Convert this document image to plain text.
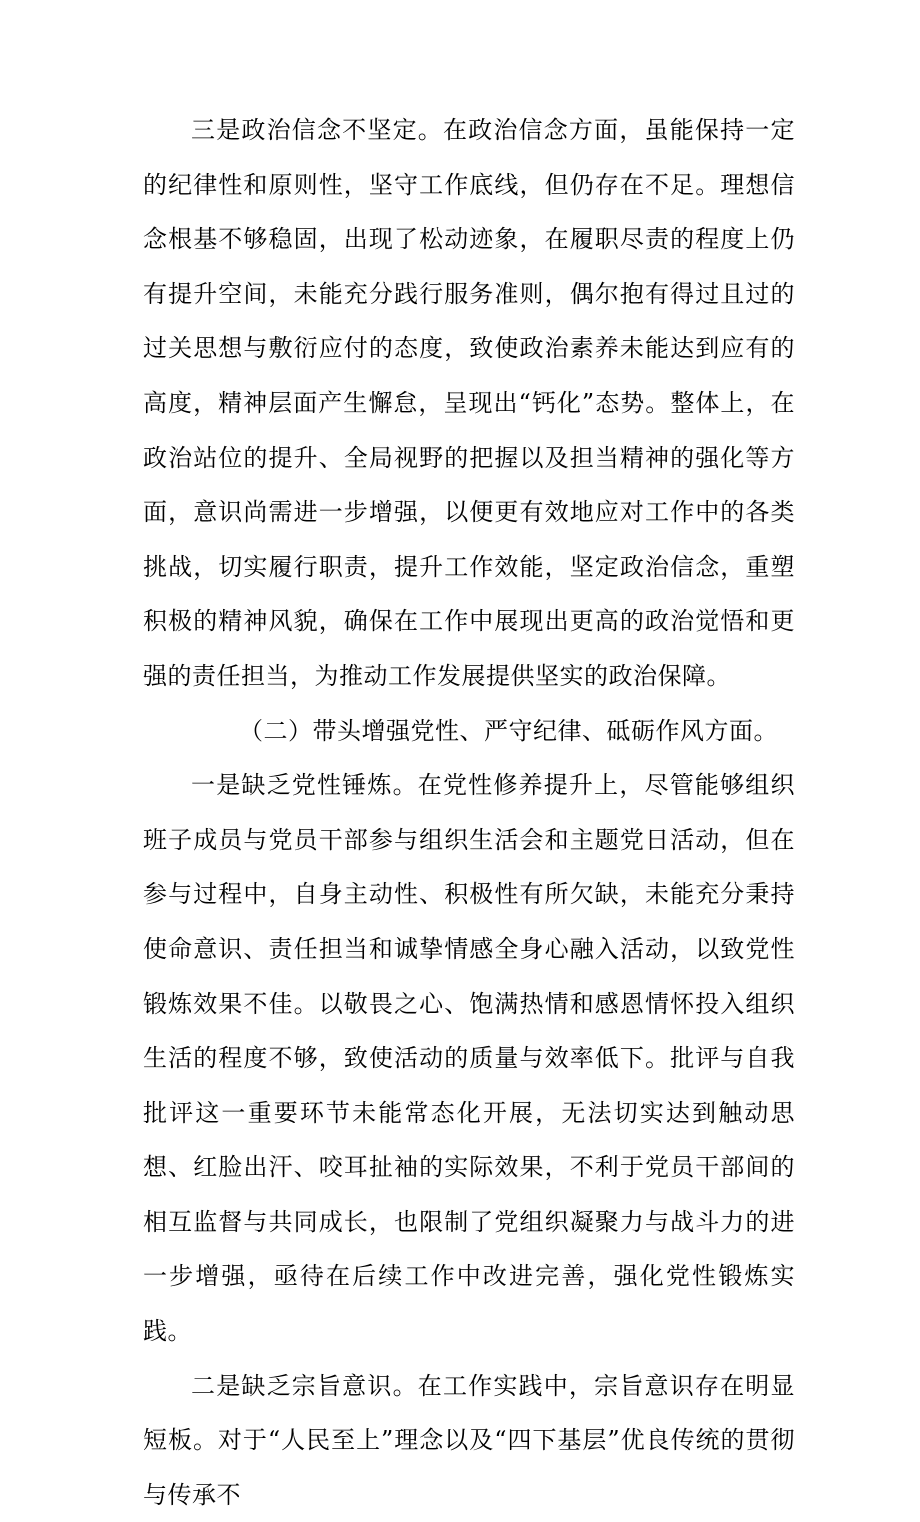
三是政治信念不坚定。在政治信念方面，虽能保持一定的纪律性和原则性，坚守工作底线，但仍存在不足。理想信念根基不够稳固，出现了松动迹象，在履职尽责的程度上仍有提升空间，未能充分践行服务准则，偶尔抱有得过且过的过关思想与敷衍应付的态度，致使政治素养未能达到应有的高度，精神层面产生懈怠，呈现出“钙化”态势。整体上，在政治站位的提升、全局视野的把握以及担当精神的强化等方面，意识尚需进一步增强，以便更有效地应对工作中的各类挑战，切实履行职责，提升工作效能，坚定政治信念，重塑积极的精神风貌，确保在工作中展现出更高的政治觉悟和更强的责任担当，为推动工作发展提供坚实的政治保障。

（二）带头增强党性、严守纪律、砥砺作风方面。

一是缺乏党性锤炼。在党性修养提升上，尽管能够组织班子成员与党员干部参与组织生活会和主题党日活动，但在参与过程中，自身主动性、积极性有所欠缺，未能充分秉持使命意识、责任担当和诚挚情感全身心融入活动，以致党性锻炼效果不佳。以敬畏之心、饱满热情和感恩情怀投入组织生活的程度不够，致使活动的质量与效率低下。批评与自我批评这一重要环节未能常态化开展，无法切实达到触动思想、红脸出汗、咬耳扯袖的实际效果，不利于党员干部间的相互监督与共同成长，也限制了党组织凝聚力与战斗力的进一步增强，亟待在后续工作中改进完善，强化党性锻炼实践。

二是缺乏宗旨意识。在工作实践中，宗旨意识存在明显短板。对于“人民至上”理念以及“四下基层”优良传统的贯彻与传承不
